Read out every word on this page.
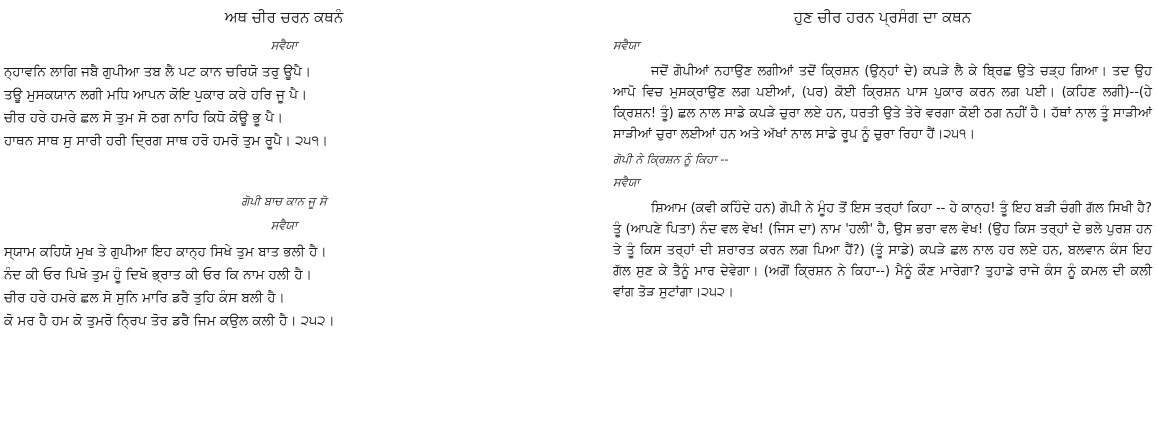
ਅਥ ਚੀਰ ਚਰਨ ਕਥਨੰ
ਸਵੈਯਾ
ਨ੍ਹਾਵਨਿ ਲਾਗਿ ਜਬੈ ਗੁਪੀਆ ਤਬ ਲੈ ਪਟ ਕਾਨ ਚਰਿਯੋ ਤਰੁ ਊਪੈ।
ਤਊ ਮੁਸਕਯਾਨ ਲਗੀ ਮਧਿ ਆਪਨ ਕੋਇ ਪੁਕਾਰ ਕਰੇ ਹਰਿ ਜੂ ਪੈ।
ਚੀਰ ਹਰੇ ਹਮਰੇ ਛਲ ਸੋ ਤੁਮ ਸੋ ਠਗ ਨਾਹਿ ਕਿਧੋ ਕੋਊ ਭੂ ਪੈ।
ਹਾਥਨ ਸਾਥ ਸੁ ਸਾਰੀ ਹਰੀ ਦ੍ਰਿਗ ਸਾਥ ਹਰੋ ਹਮਰੋ ਤੁਮ ਰੂਪੈ। ੨੫੧।
ਗੋਪੀ ਬਾਚ ਕਾਨ ਜੂ ਸੋ
ਸਵੈਯਾ
ਸ੍ਯਾਮ ਕਹਿਯੋ ਮੁਖ ਤੇ ਗੁਪੀਆ ਇਹ ਕਾਨ੍ਹ ਸਿਖੇ ਤੁਮ ਬਾਤ ਭਲੀ ਹੈ।
ਨੰਦ ਕੀ ਓਰ ਪਿਖੋ ਤੁਮ ਹੂੰ ਦਿਖੋ ਭ੍ਰਾਤ ਕੀ ਓਰ ਕਿ ਨਾਮ ਹਲੀ ਹੈ।
ਚੀਰ ਹਰੇ ਹਮਰੇ ਛਲ ਸੋ ਸੁਨਿ ਮਾਰਿ ਡਰੈ ਤੁਹਿ ਕੰਸ ਬਲੀ ਹੈ।
ਕੋ ਮਰ ਹੈ ਹਮ ਕੋ ਤੁਮਰੋ ਨ੍ਰਿਪ ਤੋਰ ਡਰੈ ਜਿਮ ਕਉਲ ਕਲੀ ਹੈ। ੨੫੨।
ਹੁਣ ਚੀਰ ਹਰਨ ਪ੍ਰਸੰਗ ਦਾ ਕਥਨ
ਸਵੈਯਾ

ਜਦੋਂ ਗੋਪੀਆਂ ਨਹਾਉਣ ਲਗੀਆਂ ਤਦੋਂ ਕ੍ਰਿਸ਼ਨ (ਉਨ੍ਹਾਂ ਦੇ) ਕਪੜੇ ਲੈ ਕੇ ਬ੍ਰਿਛ ਉਤੇ ਚੜ੍ਹ ਗਿਆ। ਤਦ ਉਹ ਆਪੋ ਵਿਚ ਮੁਸਕ੍ਰਾਉਣ ਲਗ ਪਈਆਂ, (ਪਰ) ਕੋਈ ਕ੍ਰਿਸ਼ਨ ਪਾਸ ਪੁਕਾਰ ਕਰਨ ਲਗ ਪਈ। (ਕਹਿਣ ਲਗੀ)--(ਹੇ ਕ੍ਰਿਸ਼ਨ! ਤੂੰ) ਛਲ ਨਾਲ ਸਾਡੇ ਕਪੜੇ ਚੁਰਾ ਲਏ ਹਨ, ਧਰਤੀ ਉਤੇ ਤੇਰੇ ਵਰਗਾ ਕੋਈ ਠਗ ਨਹੀਂ ਹੈ। ਹੱਥਾਂ ਨਾਲ ਤੂੰ ਸਾੜੀਆਂ ਸਾੜੀਆਂ ਚੁਰਾ ਲਈਆਂ ਹਨ ਅਤੇ ਅੱਖਾਂ ਨਾਲ ਸਾਡੇ ਰੂਪ ਨੂੰ ਚੁਰਾ ਰਿਹਾ ਹੈਂ।੨੫੧।

ਗੋਪੀ ਨੇ ਕ੍ਰਿਸ਼ਨ ਨੂੰ ਕਿਹਾ --
ਸਵੈਯਾ

ਸ਼ਿਆਮ (ਕਵੀ ਕਹਿੰਦੇ ਹਨ) ਗੋਪੀ ਨੇ ਮੂੰਹ ਤੋਂ ਇਸ ਤਰ੍ਹਾਂ ਕਿਹਾ -- ਹੇ ਕਾਨ੍ਹ! ਤੂੰ ਇਹ ਬੜੀ ਚੰਗੀ ਗੱਲ ਸਿਖੀ ਹੈ? ਤੂੰ (ਆਪਣੇ ਪਿਤਾ) ਨੰਦ ਵਲ ਵੇਖ! (ਜਿਸ ਦਾ) ਨਾਮ 'ਹਲੀ' ਹੈ, ਉਸ ਭਰਾ ਵਲ ਵੇਖ! (ਉਹ ਕਿਸ ਤਰ੍ਹਾਂ ਦੇ ਭਲੇ ਪੁਰਸ਼ ਹਨ ਤੇ ਤੂੰ ਕਿਸ ਤਰ੍ਹਾਂ ਦੀ ਸ਼ਰਾਰਤ ਕਰਨ ਲਗ ਪਿਆ ਹੈਂ?) (ਤੂੰ ਸਾਡੇ) ਕਪੜੇ ਛਲ ਨਾਲ ਹਰ ਲਏ ਹਨ, ਬਲਵਾਨ ਕੰਸ ਇਹ ਗੱਲ ਸੁਣ ਕੇ ਤੈਨੂੰ ਮਾਰ ਦੇਵੇਗਾ। (ਅਗੋਂ ਕ੍ਰਿਸ਼ਨ ਨੇ ਕਿਹਾ--) ਮੈਨੂੰ ਕੌਣ ਮਾਰੇਗਾ? ਤੁਹਾਡੇ ਰਾਜੇ ਕੰਸ ਨੂੰ ਕਮਲ ਦੀ ਕਲੀ ਵਾਂਗ ਤੋੜ ਸੁਟਾਂਗਾ।੨੫੨।
